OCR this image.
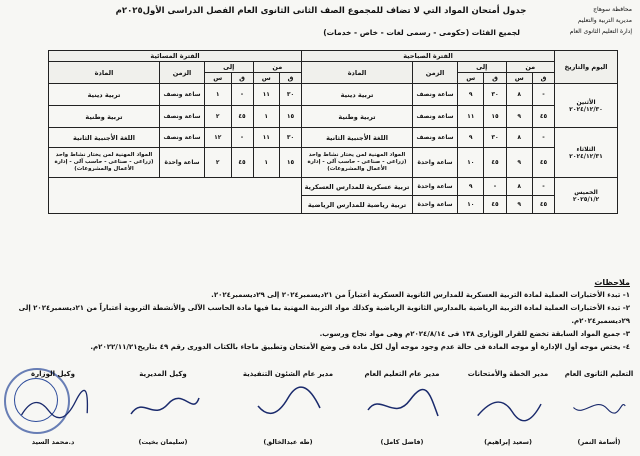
محافظة سوهاج
مديرية التربية والتعليم
إدارة التعليم الثانوى العام
جدول أمتحان المواد التي لا تضاف للمجموع الصف الثانى الثانوى العام الفصل الدراسى الأول٢٠٢٥م
لجميع الفئات (حكومى - رسمى لغات - خاص - خدمات)
اليوم والتاريخ	الفترة الصباحية						الفترة المسائية					
	من		إلى		الزمن	المادة	من		إلى		الزمن	المادة
	ق	س	ق	س			ق	س	ق	س		

الأثنين
٢٠٢٤/١٢/٣٠	-	٨	٣٠	٩	ساعة ونصف	تربية دينية	٣٠	١١	-	١	ساعة ونصف	تربية دينية
	٤٥	٩	١٥	١١	ساعة ونصف	تربية وطنية	١٥	١	٤٥	٢	ساعة ونصف	تربية وطنية

الثلاثاء
٢٠٢٤/١٢/٣١	-	٨	٣٠	٩	ساعة ونصف	اللغة الأجنبية الثانية	٣٠	١١	-	١٢	ساعة ونصف	اللغة الأجنبية الثانية
	٤٥	٩	٤٥	١٠	ساعة واحدة	المواد المهنية لمن يختار نشاط واحد (زراعى - صناعى - حاسب آلى - إدارة الأعمال والمشروعات)	١٥	١	٤٥	٢	ساعة واحدة	المواد المهنية لمن يختار نشاط واحد (زراعى - صناعى - حاسب آلى - إدارة الأعمال والمشروعات)

الخميس
٢٠٢٥/١/٢	-	٨	-	٩	ساعة واحدة	تربية عسكرية للمدارس العسكرية						
	٤٥	٩	٤٥	١٠	ساعة واحدة	تربية رياضية للمدارس الرياضية						
ملاحظات
١- تبدء الأختبارات العملية لمادة التربية العسكرية للمدارس الثانوية العسكرية أعتباراً من ٢١ديسمبر٢٠٢٤ إلى ٢٩ديسمبر٢٠٢٤.
٢- تبدء الأختبارات العملية لمادة التربية الرياضية بالمدارس الثانوية الرياضية وكذلك مواد التربية المهنية بما فيها مادة الحاسب الآلى والأنشطة التربوية أعتباراً من ٢١ديسمبر٢٠٢٤ إلى ٢٩ديسمبر٢٠٢٤م.
٣- جميع المواد السابقة تخضع للقرار الوزارى ١٣٨ فى ٢٠٢٤/٨/١٤م وهى مواد نجاح ورسوب.
٤- يختص موجه أول الإدارة أو موجه المادة فى حالة عدم وجود موجه أول لكل مادة فى وضع الأمتحان وتطبيق ماجاء بالكتاب الدورى رقم ٤٩ بتاريخ٢٠٢٢/١١/٢١م.
وكيل الوزارة
د.محمد السيد
وكيل المديرية
(سليمان بخيت)
مدير عام الشئون التنفيذية
(طه عبدالخالق)
مدير عام التعليم العام
(فاضل كامل)
مدير الخطة والأمتحانات
(سعيد إبراهيم)
التعليم الثانوى العام
(أسامة النمر)
